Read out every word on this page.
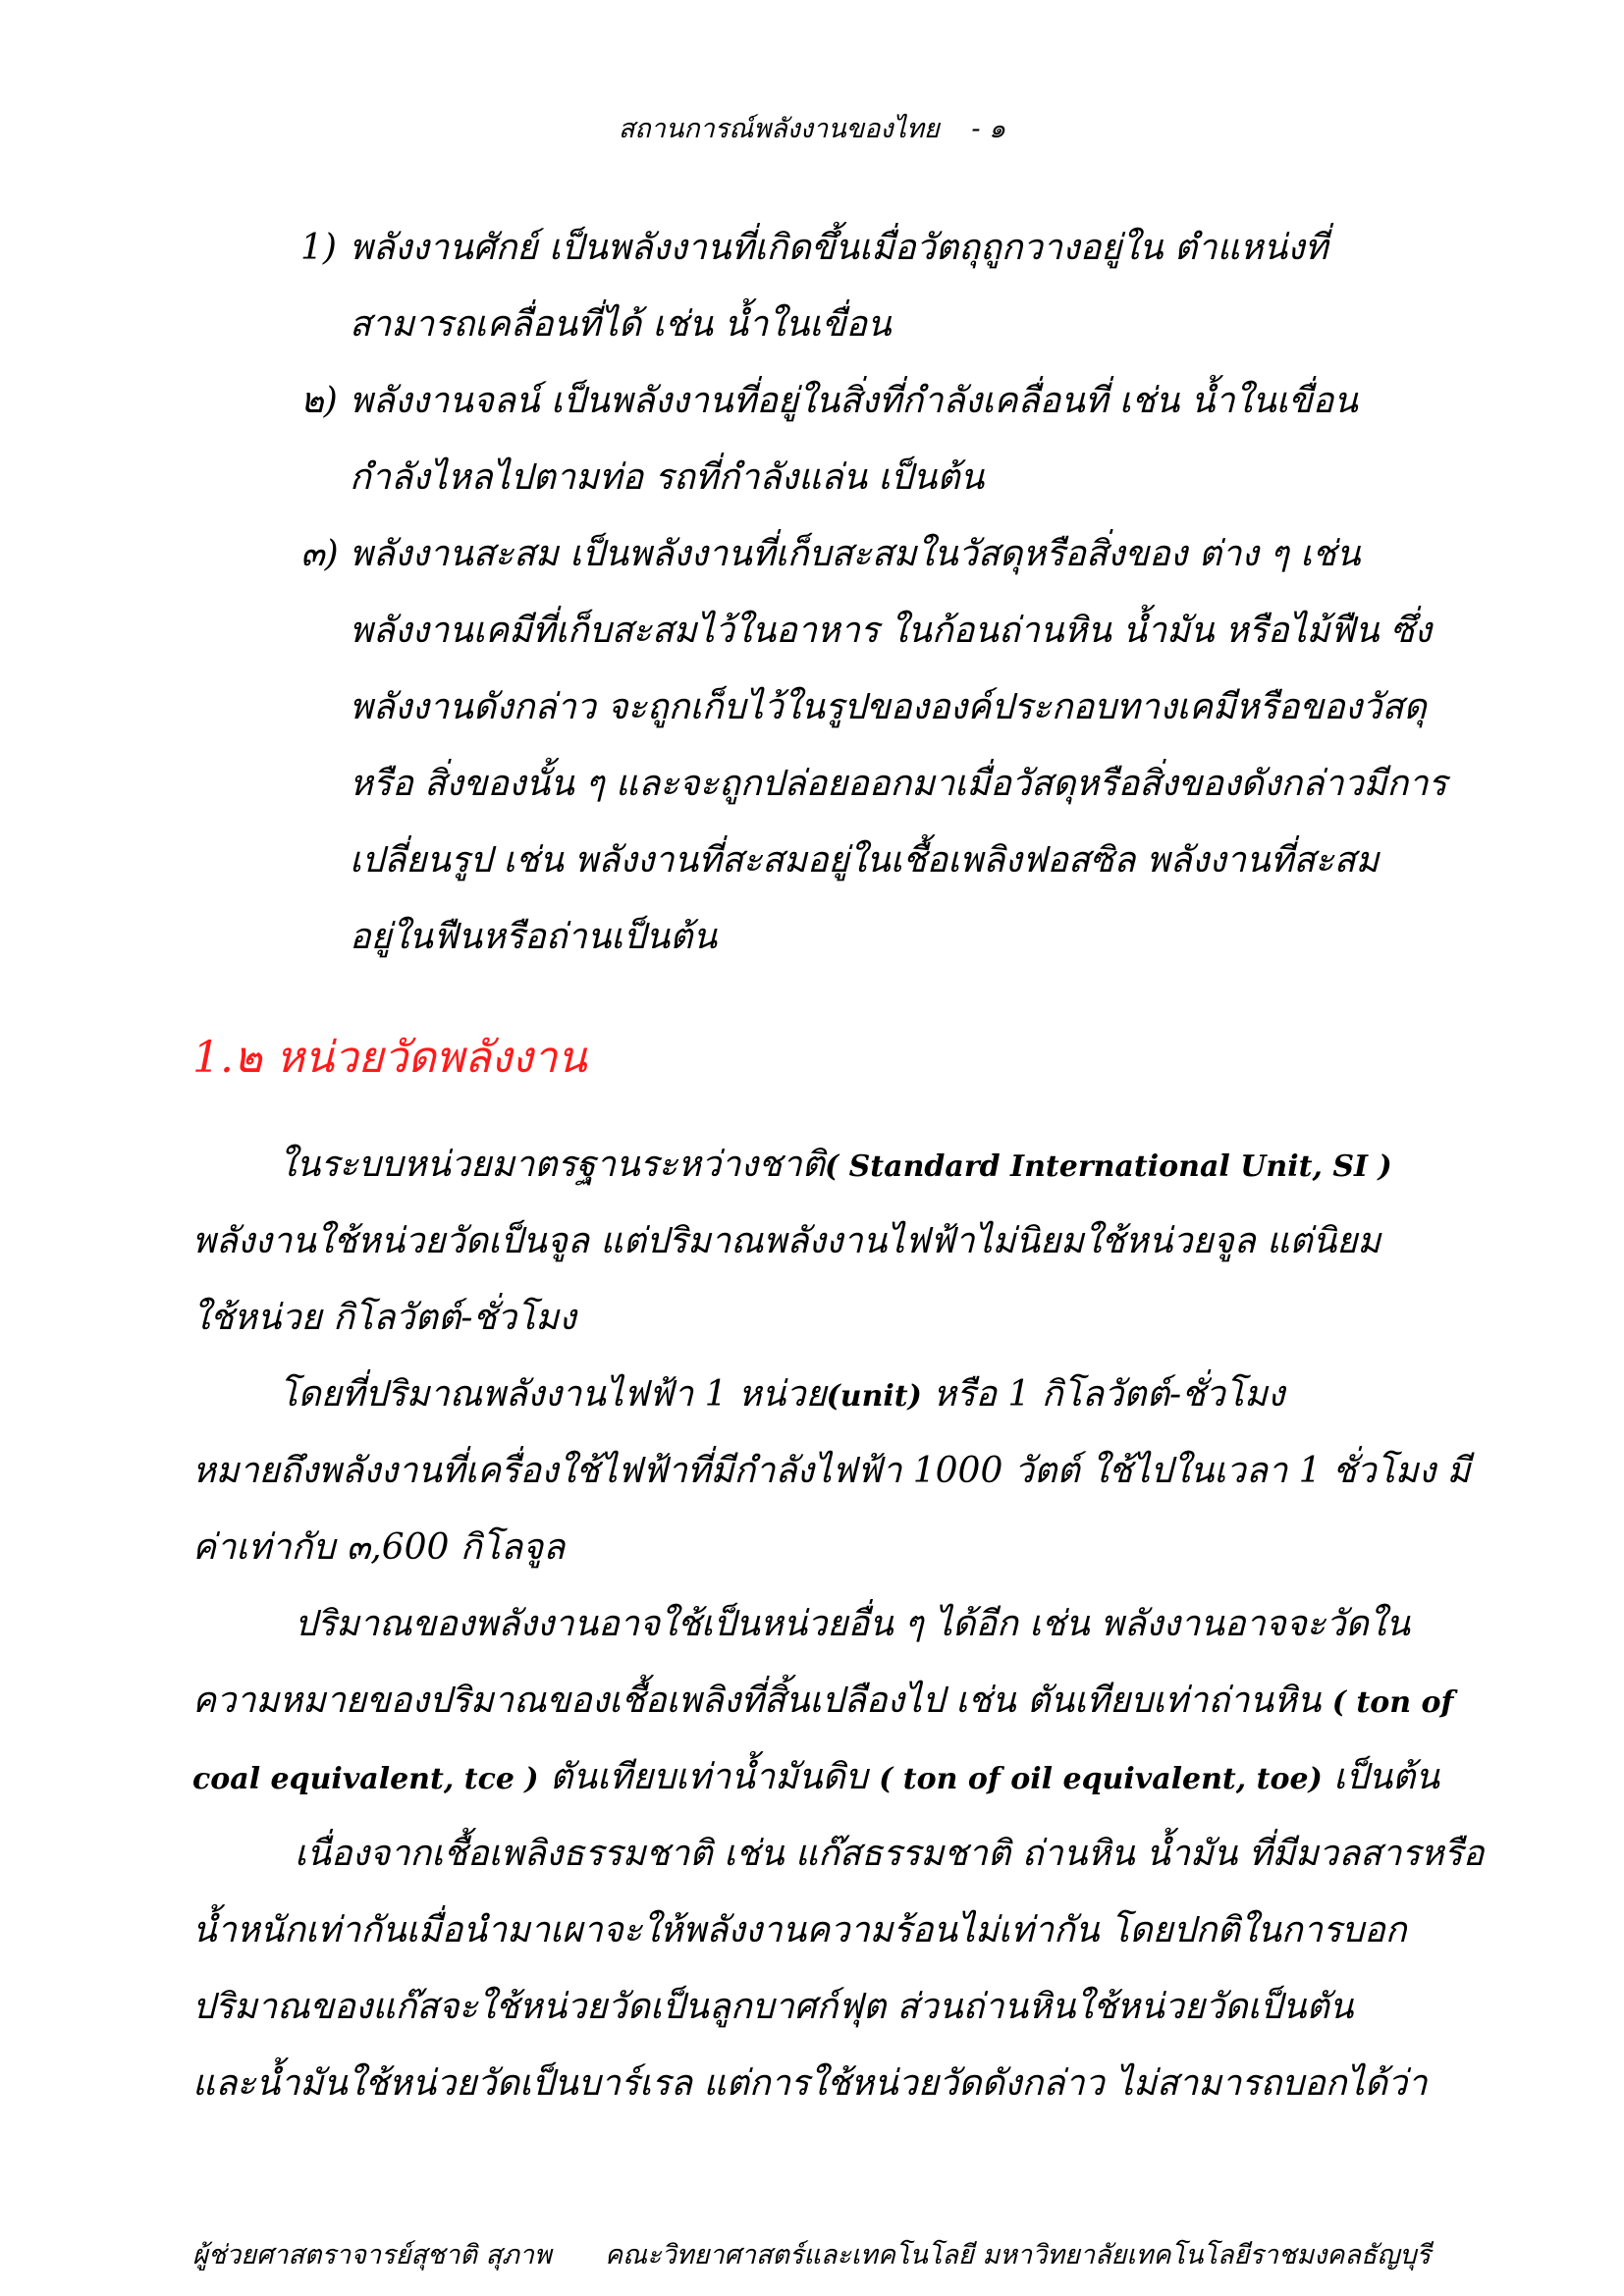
สถานการณ์พลังงานของไทย - ๑
1) พลังงานศักย์ เป็นพลังงานที่เกิดขึ้นเมื่อวัตถุถูกวางอยู่ใน ตำแหน่งที่
สามารถเคลื่อนที่ได้ เช่น น้ำในเขื่อน
๒) พลังงานจลน์ เป็นพลังงานที่อยู่ในสิ่งที่กำลังเคลื่อนที่ เช่น น้ำในเขื่อน
กำลังไหลไปตามท่อ รถที่กำลังแล่น เป็นต้น
๓) พลังงานสะสม เป็นพลังงานที่เก็บสะสมในวัสดุหรือสิ่งของ ต่าง ๆ เช่น
พลังงานเคมีที่เก็บสะสมไว้ในอาหาร ในก้อนถ่านหิน น้ำมัน หรือไม้ฟืน ซึ่ง
พลังงานดังกล่าว จะถูกเก็บไว้ในรูปขององค์ประกอบทางเคมีหรือของวัสดุ
หรือ สิ่งของนั้น ๆ และจะถูกปล่อยออกมาเมื่อวัสดุหรือสิ่งของดังกล่าวมีการ
เปลี่ยนรูป เช่น พลังงานที่สะสมอยู่ในเชื้อเพลิงฟอสซิล พลังงานที่สะสม
อยู่ในฟืนหรือถ่านเป็นต้น
1.๒ หน่วยวัดพลังงาน
ในระบบหน่วยมาตรฐานระหว่างชาติ( Standard International Unit, SI )
พลังงานใช้หน่วยวัดเป็นจูล แต่ปริมาณพลังงานไฟฟ้าไม่นิยมใช้หน่วยจูล แต่นิยม
ใช้หน่วย กิโลวัตต์-ชั่วโมง
โดยที่ปริมาณพลังงานไฟฟ้า 1 หน่วย(unit) หรือ 1 กิโลวัตต์-ชั่วโมง
หมายถึงพลังงานที่เครื่องใช้ไฟฟ้าที่มีกำลังไฟฟ้า 1000 วัตต์ ใช้ไปในเวลา 1 ชั่วโมง มี
ค่าเท่ากับ ๓,600 กิโลจูล
ปริมาณของพลังงานอาจใช้เป็นหน่วยอื่น ๆ ได้อีก เช่น พลังงานอาจจะวัดใน
ความหมายของปริมาณของเชื้อเพลิงที่สิ้นเปลืองไป เช่น ตันเทียบเท่าถ่านหิน ( ton of
coal equivalent, tce ) ตันเทียบเท่าน้ำมันดิบ ( ton of oil equivalent, toe) เป็นต้น
เนื่องจากเชื้อเพลิงธรรมชาติ เช่น แก๊สธรรมชาติ ถ่านหิน น้ำมัน ที่มีมวลสารหรือ
น้ำหนักเท่ากันเมื่อนำมาเผาจะให้พลังงานความร้อนไม่เท่ากัน โดยปกติในการบอก
ปริมาณของแก๊สจะใช้หน่วยวัดเป็นลูกบาศก์ฟุต ส่วนถ่านหินใช้หน่วยวัดเป็นตัน
และน้ำมันใช้หน่วยวัดเป็นบาร์เรล แต่การใช้หน่วยวัดดังกล่าว ไม่สามารถบอกได้ว่า
ผู้ช่วยศาสตราจารย์สุชาติ สุภาพ คณะวิทยาศาสตร์และเทคโนโลยี มหาวิทยาลัยเทคโนโลยีราชมงคลธัญบุรี
